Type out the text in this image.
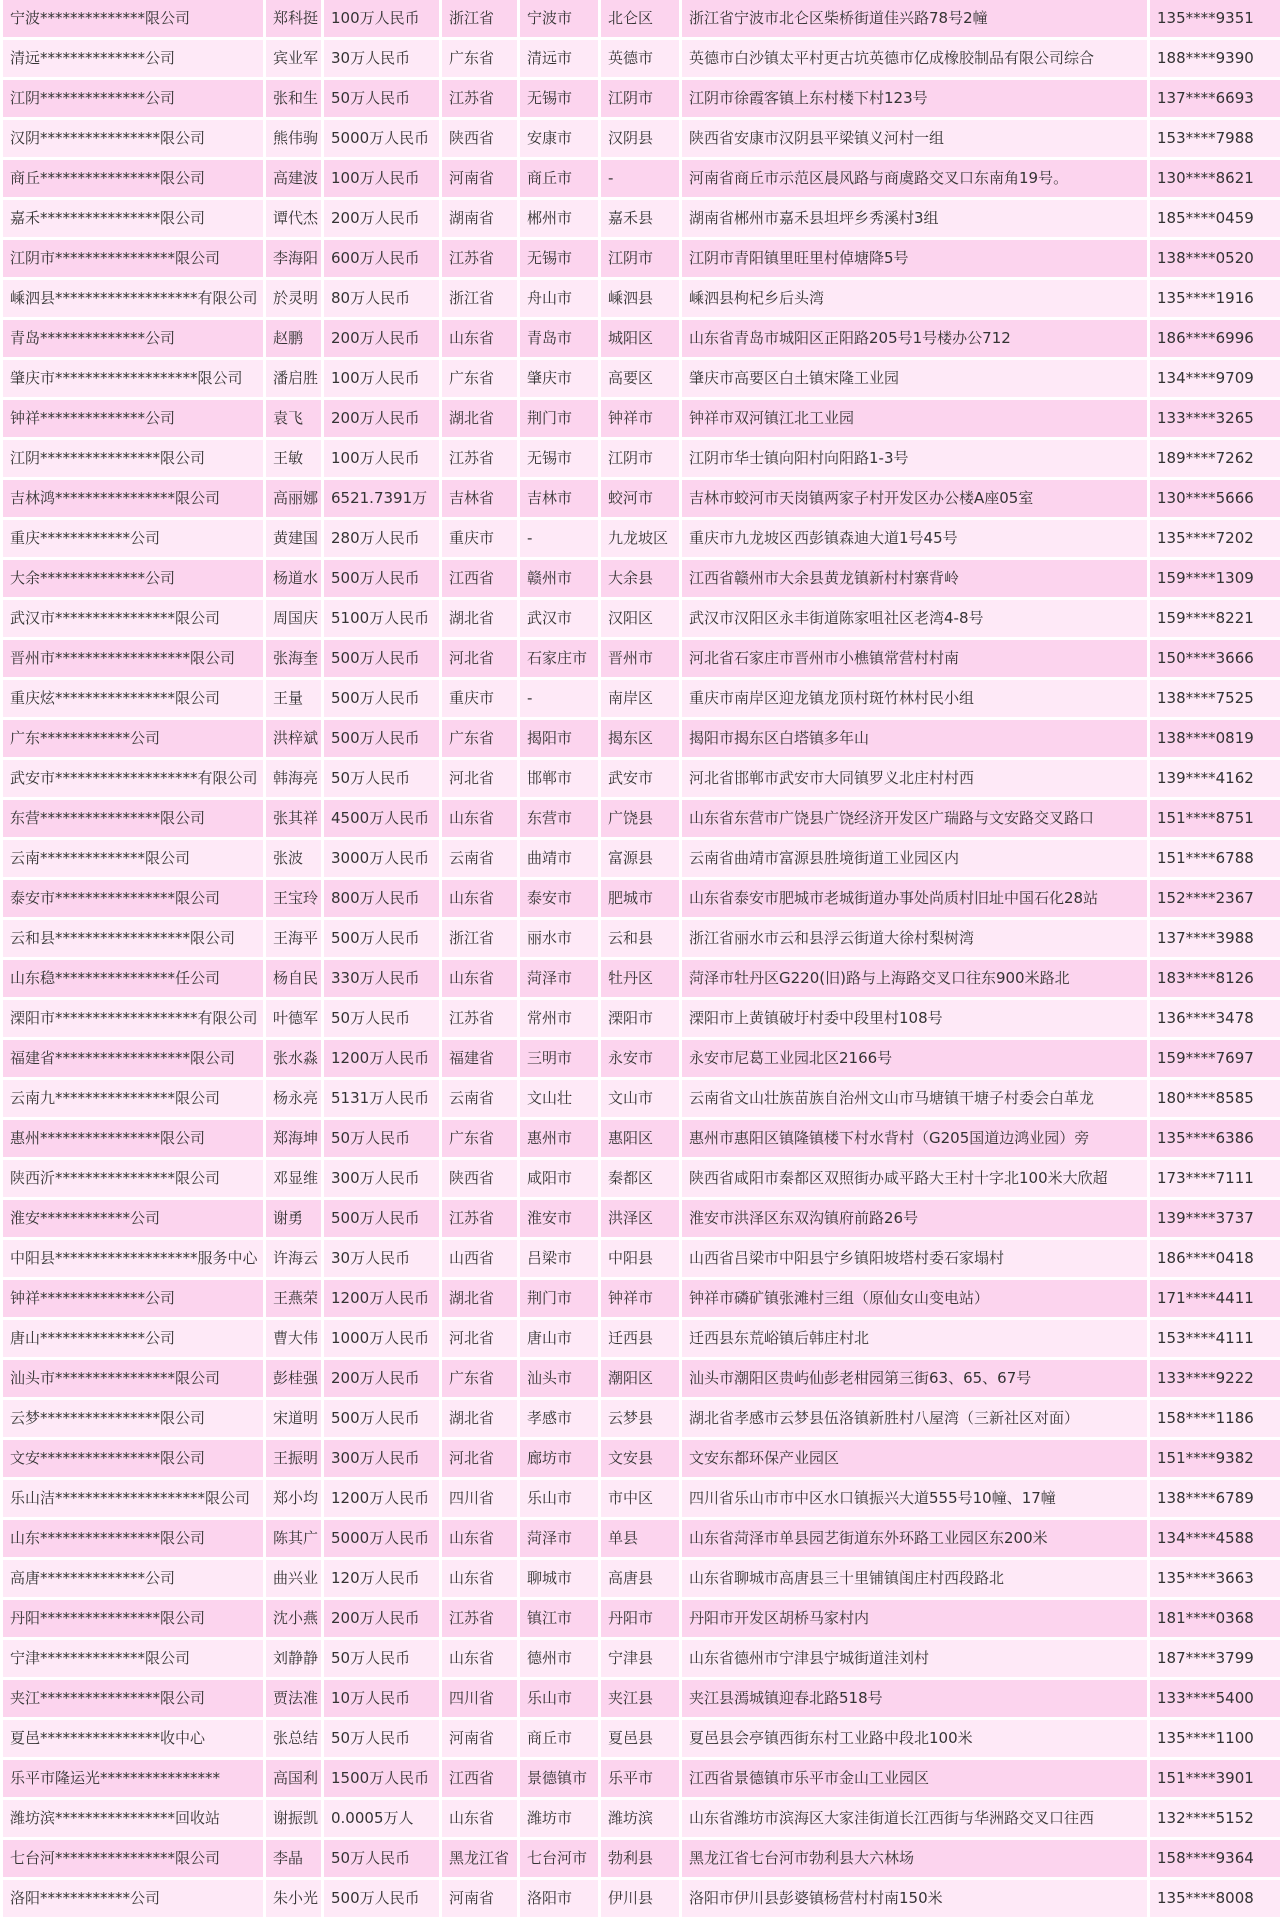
宁波**************限公司	郑科挺	100万人民币	浙江省	宁波市	北仑区	浙江省宁波市北仑区柴桥街道佳兴路78号2幢	135****9351
清远**************公司	宾业军	30万人民币	广东省	清远市	英德市	英德市白沙镇太平村更古坑英德市亿成橡胶制品有限公司综合	188****9390
江阴**************公司	张和生	50万人民币	江苏省	无锡市	江阴市	江阴市徐霞客镇上东村楼下村123号	137****6693
汉阴****************限公司	熊伟驹	5000万人民币	陕西省	安康市	汉阴县	陕西省安康市汉阴县平梁镇义河村一组	153****7988
商丘****************限公司	高建波	100万人民币	河南省	商丘市	-	河南省商丘市示范区晨风路与商虞路交叉口东南角19号。	130****8621
嘉禾****************限公司	谭代杰	200万人民币	湖南省	郴州市	嘉禾县	湖南省郴州市嘉禾县坦坪乡秀溪村3组	185****0459
江阴市****************限公司	李海阳	600万人民币	江苏省	无锡市	江阴市	江阴市青阳镇里旺里村倬塘降5号	138****0520
嵊泗县*******************有限公司	於灵明	80万人民币	浙江省	舟山市	嵊泗县	嵊泗县枸杞乡后头湾	135****1916
青岛**************公司	赵鹏	200万人民币	山东省	青岛市	城阳区	山东省青岛市城阳区正阳路205号1号楼办公712	186****6996
肇庆市*******************限公司	潘启胜	100万人民币	广东省	肇庆市	高要区	肇庆市高要区白土镇宋隆工业园	134****9709
钟祥**************公司	袁飞	200万人民币	湖北省	荆门市	钟祥市	钟祥市双河镇江北工业园	133****3265
江阴****************限公司	王敏	100万人民币	江苏省	无锡市	江阴市	江阴市华士镇向阳村向阳路1-3号	189****7262
吉林鸿****************限公司	高丽娜	6521.7391万	吉林省	吉林市	蛟河市	吉林市蛟河市天岗镇两家子村开发区办公楼A座05室	130****5666
重庆************公司	黄建国	280万人民币	重庆市	-	九龙坡区	重庆市九龙坡区西彭镇森迪大道1号45号	135****7202
大余**************公司	杨道水	500万人民币	江西省	赣州市	大余县	江西省赣州市大余县黄龙镇新村村寨背岭	159****1309
武汉市****************限公司	周国庆	5100万人民币	湖北省	武汉市	汉阳区	武汉市汉阳区永丰街道陈家咀社区老湾4-8号	159****8221
晋州市******************限公司	张海奎	500万人民币	河北省	石家庄市	晋州市	河北省石家庄市晋州市小樵镇常营村村南	150****3666
重庆炫****************限公司	王量	500万人民币	重庆市	-	南岸区	重庆市南岸区迎龙镇龙顶村斑竹林村民小组	138****7525
广东************公司	洪梓斌	500万人民币	广东省	揭阳市	揭东区	揭阳市揭东区白塔镇多年山	138****0819
武安市*******************有限公司	韩海亮	50万人民币	河北省	邯郸市	武安市	河北省邯郸市武安市大同镇罗义北庄村村西	139****4162
东营****************限公司	张其祥	4500万人民币	山东省	东营市	广饶县	山东省东营市广饶县广饶经济开发区广瑞路与文安路交叉路口	151****8751
云南**************限公司	张波	3000万人民币	云南省	曲靖市	富源县	云南省曲靖市富源县胜境街道工业园区内	151****6788
泰安市****************限公司	王宝玲	800万人民币	山东省	泰安市	肥城市	山东省泰安市肥城市老城街道办事处尚质村旧址中国石化28站	152****2367
云和县******************限公司	王海平	500万人民币	浙江省	丽水市	云和县	浙江省丽水市云和县浮云街道大徐村梨树湾	137****3988
山东稳****************任公司	杨自民	330万人民币	山东省	菏泽市	牡丹区	菏泽市牡丹区G220(旧)路与上海路交叉口往东900米路北	183****8126
溧阳市*******************有限公司	叶德军	50万人民币	江苏省	常州市	溧阳市	溧阳市上黄镇破圩村委中段里村108号	136****3478
福建省******************限公司	张水淼	1200万人民币	福建省	三明市	永安市	永安市尼葛工业园北区2166号	159****7697
云南九****************限公司	杨永亮	5131万人民币	云南省	文山壮	文山市	云南省文山壮族苗族自治州文山市马塘镇干塘子村委会白革龙	180****8585
惠州****************限公司	郑海坤	50万人民币	广东省	惠州市	惠阳区	惠州市惠阳区镇隆镇楼下村水背村（G205国道边鸿业园）旁	135****6386
陕西沂****************限公司	邓显维	300万人民币	陕西省	咸阳市	秦都区	陕西省咸阳市秦都区双照街办咸平路大王村十字北100米大欣超	173****7111
淮安************公司	谢勇	500万人民币	江苏省	淮安市	洪泽区	淮安市洪泽区东双沟镇府前路26号	139****3737
中阳县*******************服务中心	许海云	30万人民币	山西省	吕梁市	中阳县	山西省吕梁市中阳县宁乡镇阳坡塔村委石家塌村	186****0418
钟祥**************公司	王燕荣	1200万人民币	湖北省	荆门市	钟祥市	钟祥市磷矿镇张滩村三组（原仙女山变电站）	171****4411
唐山**************公司	曹大伟	1000万人民币	河北省	唐山市	迁西县	迁西县东荒峪镇后韩庄村北	153****4111
汕头市****************限公司	彭桂强	200万人民币	广东省	汕头市	潮阳区	汕头市潮阳区贵屿仙彭老柑园第三街63、65、67号	133****9222
云梦****************限公司	宋道明	500万人民币	湖北省	孝感市	云梦县	湖北省孝感市云梦县伍洛镇新胜村八屋湾（三新社区对面）	158****1186
文安****************限公司	王振明	300万人民币	河北省	廊坊市	文安县	文安东都环保产业园区	151****9382
乐山洁********************限公司	郑小均	1200万人民币	四川省	乐山市	市中区	四川省乐山市市中区水口镇振兴大道555号10幢、17幢	138****6789
山东****************限公司	陈其广	5000万人民币	山东省	菏泽市	单县	山东省菏泽市单县园艺街道东外环路工业园区东200米	134****4588
高唐**************公司	曲兴业	120万人民币	山东省	聊城市	高唐县	山东省聊城市高唐县三十里铺镇闺庄村西段路北	135****3663
丹阳****************限公司	沈小燕	200万人民币	江苏省	镇江市	丹阳市	丹阳市开发区胡桥马家村内	181****0368
宁津**************限公司	刘静静	50万人民币	山东省	德州市	宁津县	山东省德州市宁津县宁城街道洼刘村	187****3799
夹江****************限公司	贾法准	10万人民币	四川省	乐山市	夹江县	夹江县漹城镇迎春北路518号	133****5400
夏邑****************收中心	张总结	50万人民币	河南省	商丘市	夏邑县	夏邑县会亭镇西街东村工业路中段北100米	135****1100
乐平市隆运光****************	高国利	1500万人民币	江西省	景德镇市	乐平市	江西省景德镇市乐平市金山工业园区	151****3901
潍坊滨****************回收站	谢振凯	0.0005万人	山东省	潍坊市	潍坊滨	山东省潍坊市滨海区大家洼街道长江西街与华洲路交叉口往西	132****5152
七台河****************限公司	李晶	50万人民币	黑龙江省	七台河市	勃利县	黑龙江省七台河市勃利县大六林场	158****9364
洛阳************公司	朱小光	500万人民币	河南省	洛阳市	伊川县	洛阳市伊川县彭婆镇杨营村村南150米	135****8008
